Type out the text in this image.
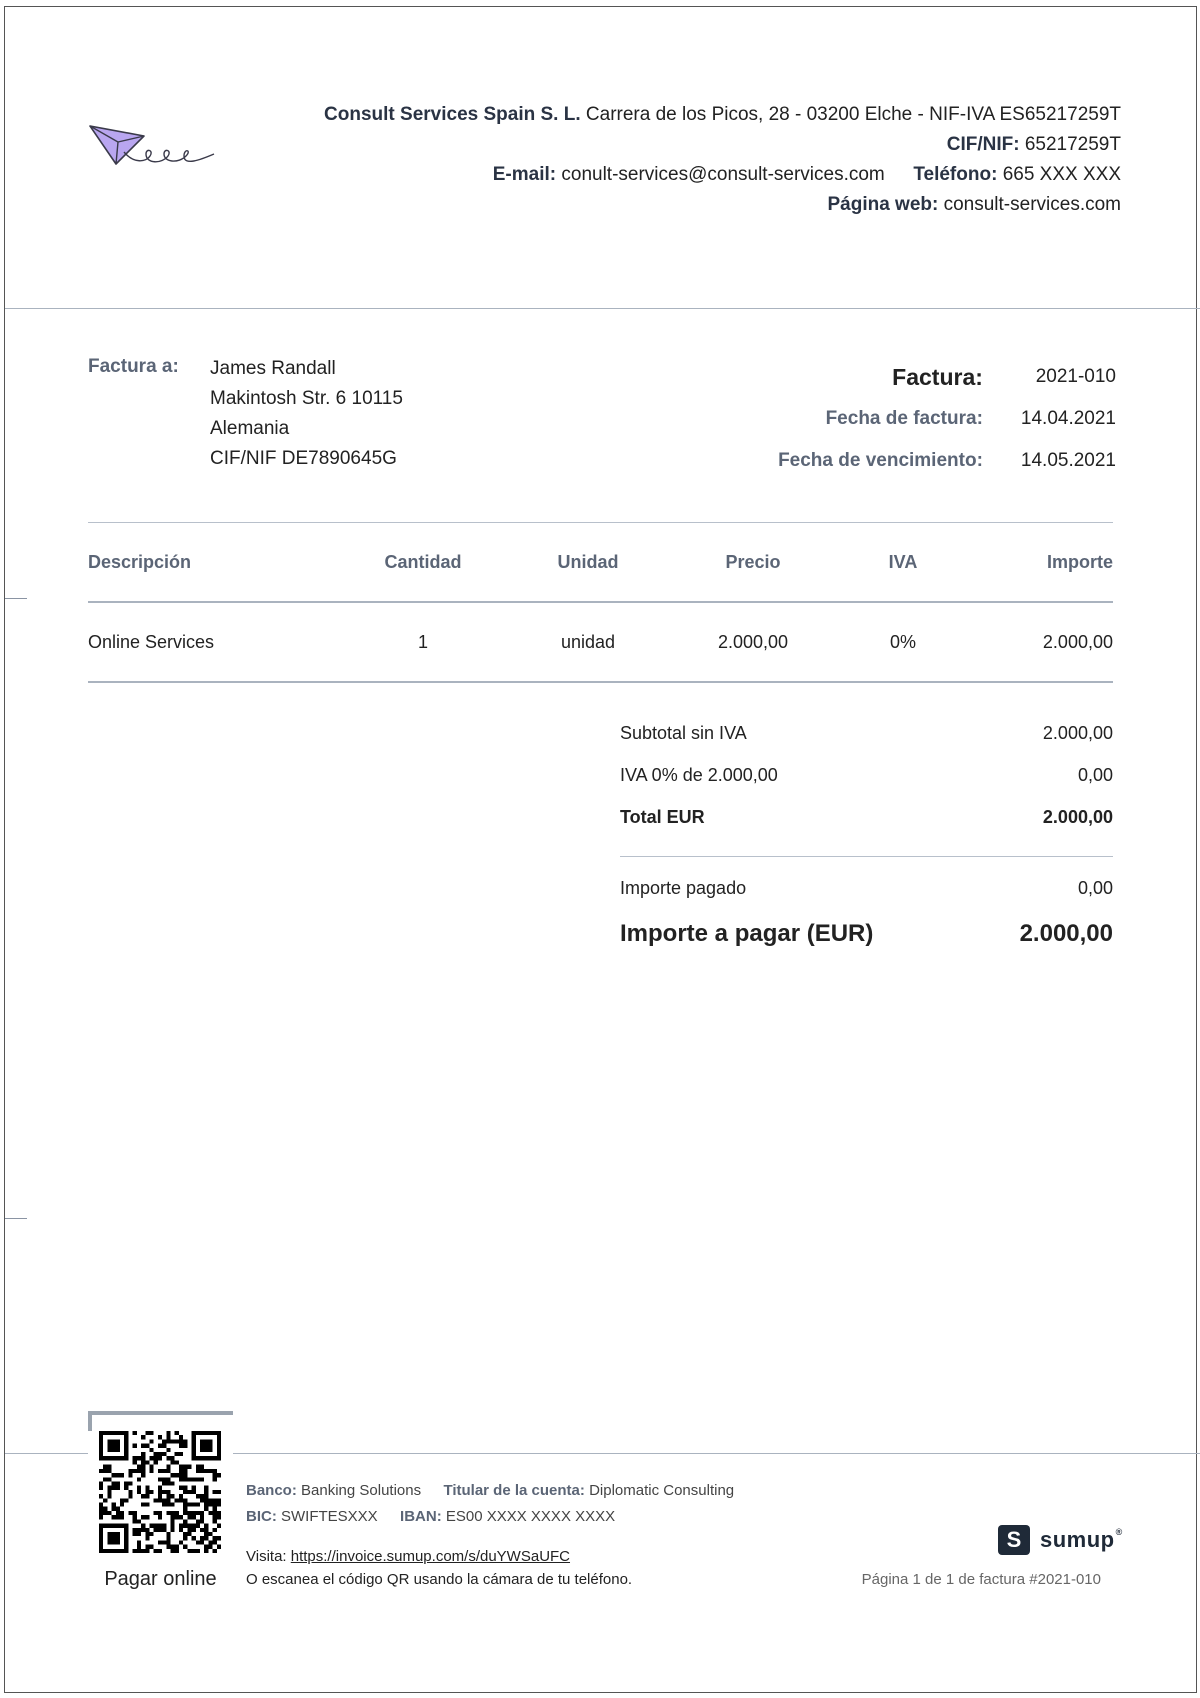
Consult Services Spain S. L. Carrera de los Picos, 28 - 03200 Elche - NIF-IVA ES65217259T
CIF/NIF: 65217259T
E-mail: conult-services@consult-services.com Teléfono: 665 XXX XXX
Página web: consult-services.com
Factura a: James Randall
Makintosh Str. 6 10115
Alemania
CIF/NIF DE7890645G
Factura:	2021-010
Fecha de factura:	14.04.2021
Fecha de vencimiento:	14.05.2021
Descripción	Cantidad	Unidad	Precio	IVA	Importe
Online Services	1	unidad	2.000,00	0%	2.000,00
Subtotal sin IVA	2.000,00
IVA 0% de 2.000,00	0,00
Total EUR	2.000,00
Importe pagado	0,00
Importe a pagar (EUR)	2.000,00
Pagar online
Banco: Banking Solutions Titular de la cuenta: Diplomatic Consulting
BIC: SWIFTESXXX IBAN: ES00 XXXX XXXX XXXX
Visita: https://invoice.sumup.com/s/duYWSaUFC
O escanea el código QR usando la cámara de tu teléfono.
S sumup®
Página 1 de 1 de factura #2021-010
